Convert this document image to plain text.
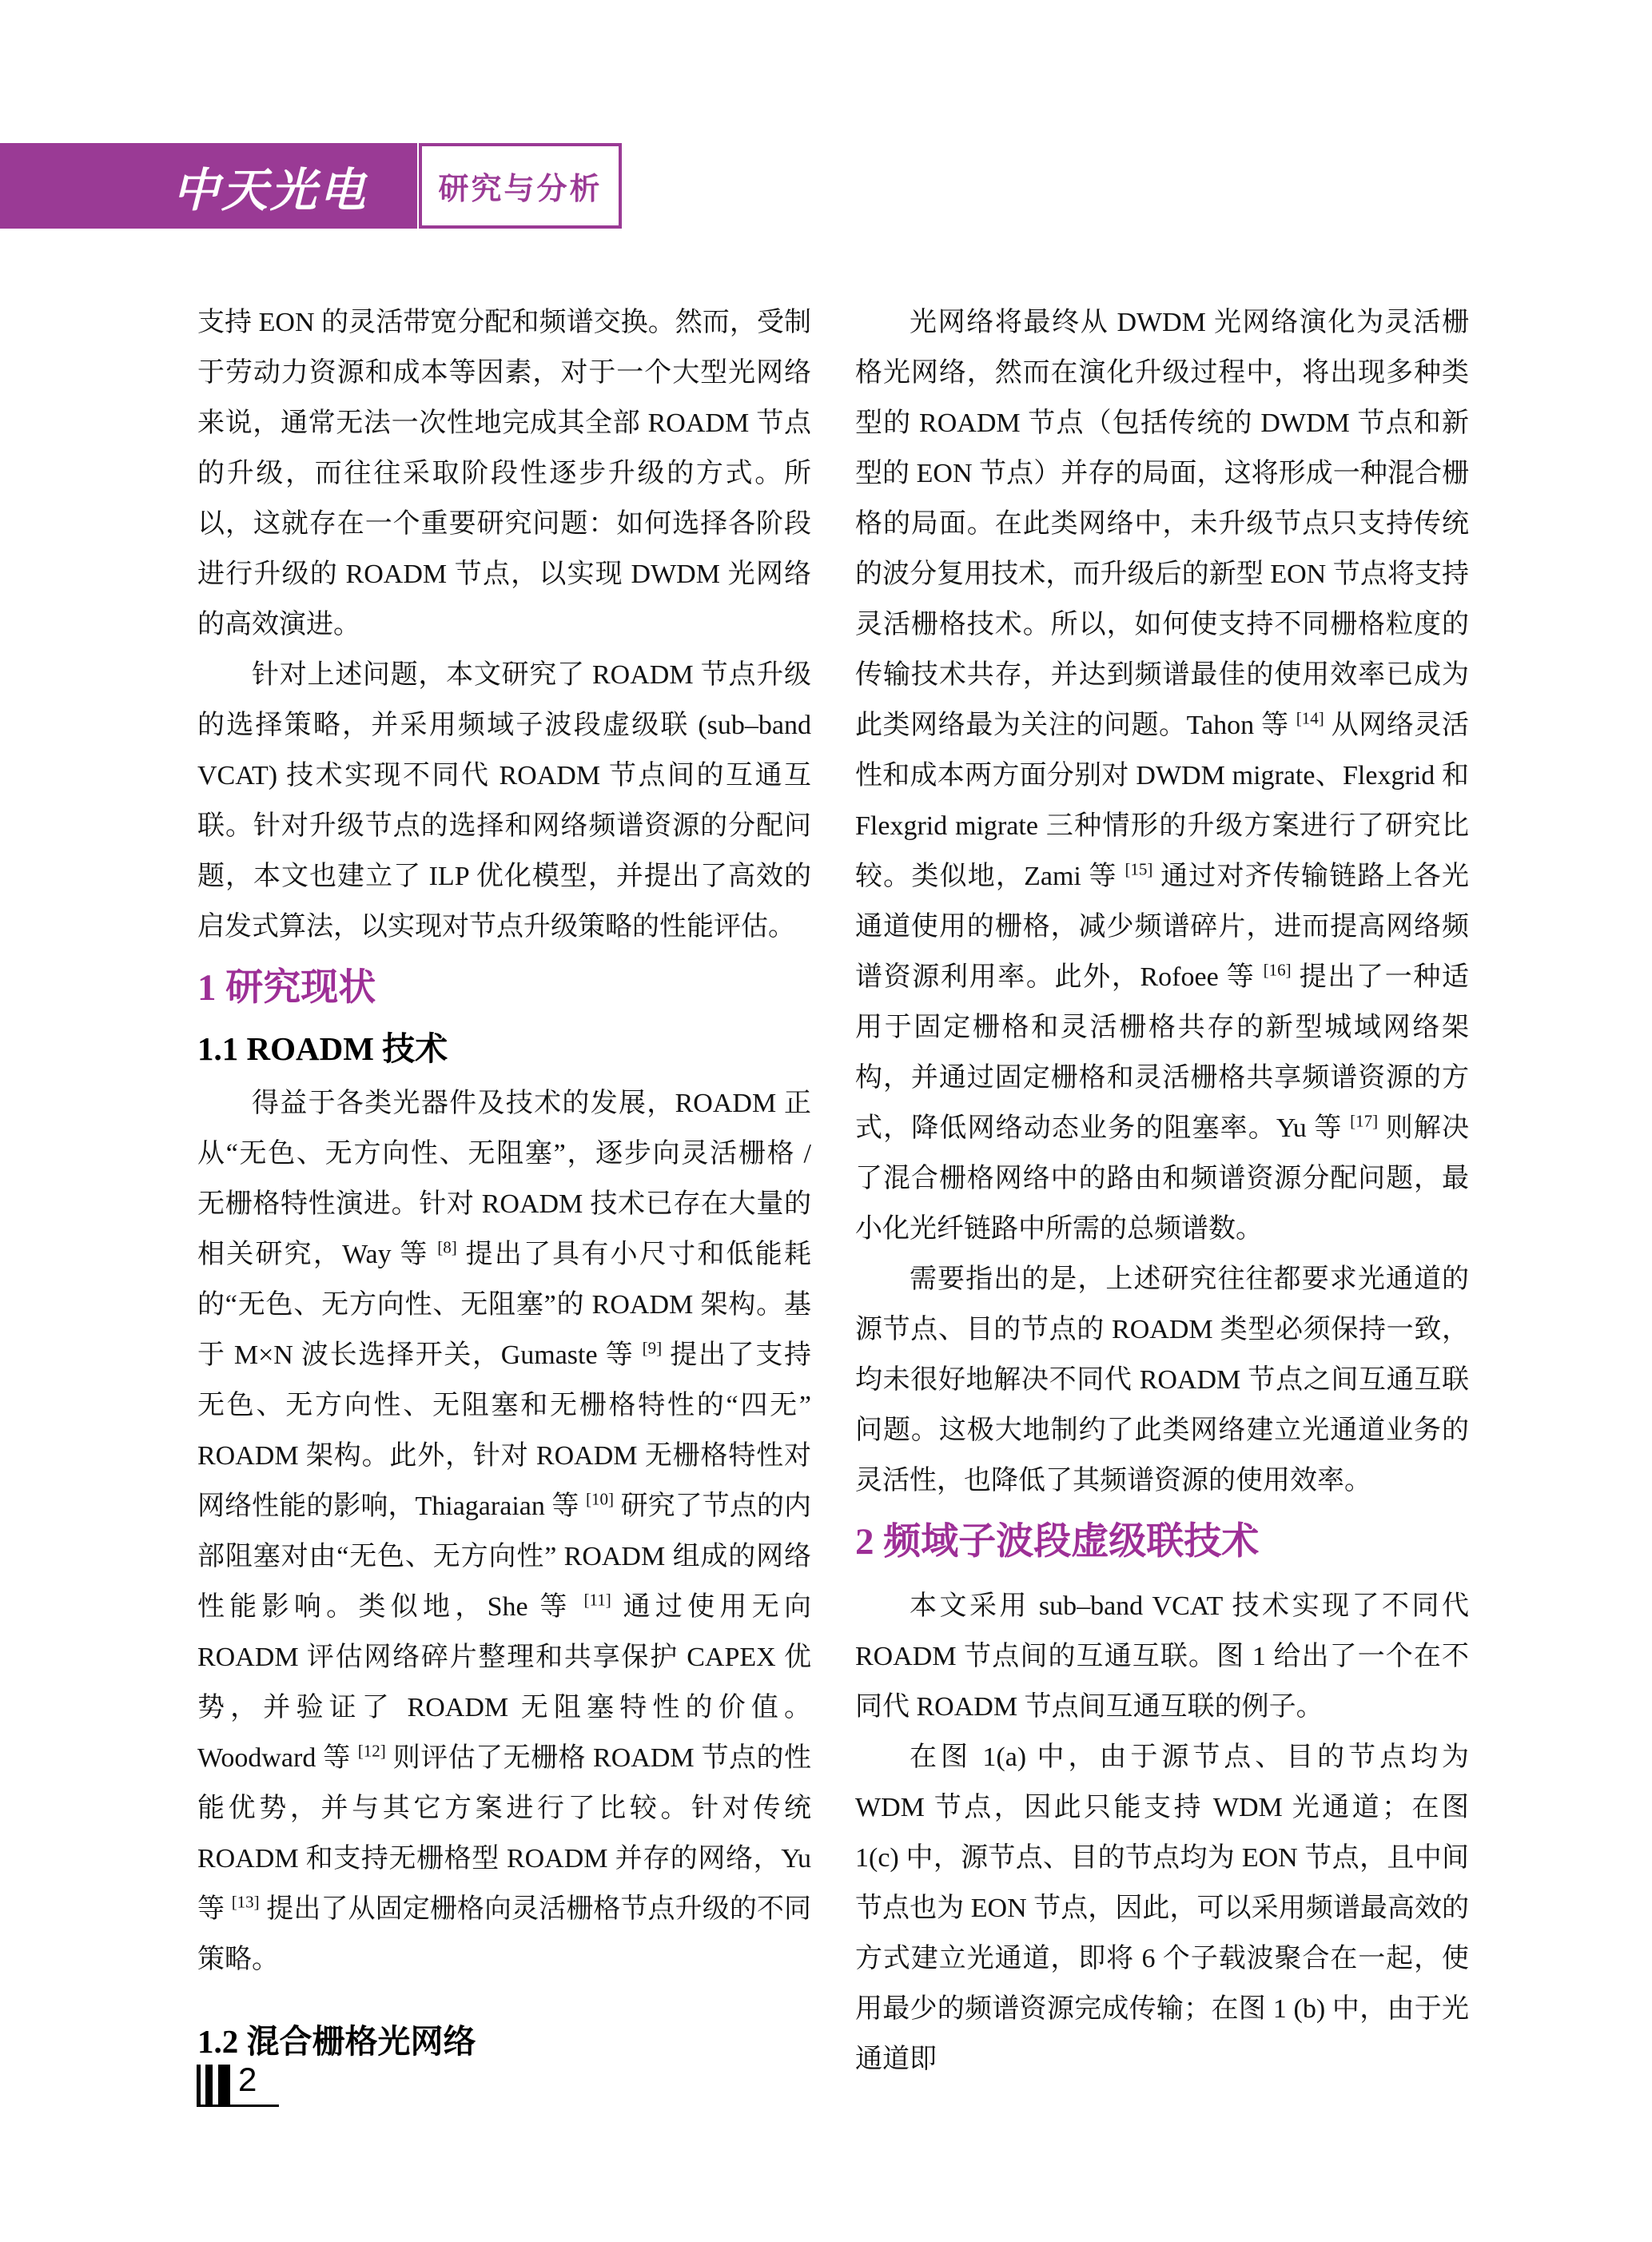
中天光电 研究与分析

支持 EON 的灵活带宽分配和频谱交换。然而，受制于劳动力资源和成本等因素，对于一个大型光网络来说，通常无法一次性地完成其全部 ROADM 节点的升级，而往往采取阶段性逐步升级的方式。所以，这就存在一个重要研究问题：如何选择各阶段进行升级的 ROADM 节点，以实现 DWDM 光网络的高效演进。

针对上述问题，本文研究了 ROADM 节点升级的选择策略，并采用频域子波段虚级联 (sub–band VCAT) 技术实现不同代 ROADM 节点间的互通互联。针对升级节点的选择和网络频谱资源的分配问题，本文也建立了 ILP 优化模型，并提出了高效的启发式算法，以实现对节点升级策略的性能评估。

1 研究现状
1.1 ROADM 技术

得益于各类光器件及技术的发展，ROADM 正从“无色、无方向性、无阻塞”，逐步向灵活栅格 / 无栅格特性演进。针对 ROADM 技术已存在大量的相关研究，Way 等 [8] 提出了具有小尺寸和低能耗的“无色、无方向性、无阻塞”的 ROADM 架构。基于 M×N 波长选择开关，Gumaste 等 [9] 提出了支持无色、无方向性、无阻塞和无栅格特性的“四无” ROADM 架构。此外，针对 ROADM 无栅格特性对网络性能的影响，Thiagaraian 等 [10] 研究了节点的内部阻塞对由“无色、无方向性” ROADM 组成的网络性能影响。类似地，She 等 [11] 通过使用无向 ROADM 评估网络碎片整理和共享保护 CAPEX 优势，并验证了 ROADM 无阻塞特性的价值。Woodward 等 [12] 则评估了无栅格 ROADM 节点的性能优势，并与其它方案进行了比较。针对传统 ROADM 和支持无栅格型 ROADM 并存的网络，Yu 等 [13] 提出了从固定栅格向灵活栅格节点升级的不同策略。

1.2 混合栅格光网络

光网络将最终从 DWDM 光网络演化为灵活栅格光网络，然而在演化升级过程中，将出现多种类型的 ROADM 节点（包括传统的 DWDM 节点和新型的 EON 节点）并存的局面，这将形成一种混合栅格的局面。在此类网络中，未升级节点只支持传统的波分复用技术，而升级后的新型 EON 节点将支持灵活栅格技术。所以，如何使支持不同栅格粒度的传输技术共存，并达到频谱最佳的使用效率已成为此类网络最为关注的问题。Tahon 等 [14] 从网络灵活性和成本两方面分别对 DWDM migrate、Flexgrid 和 Flexgrid migrate 三种情形的升级方案进行了研究比较。类似地，Zami 等 [15] 通过对齐传输链路上各光通道使用的栅格，减少频谱碎片，进而提高网络频谱资源利用率。此外，Rofoee 等 [16] 提出了一种适用于固定栅格和灵活栅格共存的新型城域网络架构，并通过固定栅格和灵活栅格共享频谱资源的方式，降低网络动态业务的阻塞率。Yu 等 [17] 则解决了混合栅格网络中的路由和频谱资源分配问题，最小化光纤链路中所需的总频谱数。

需要指出的是，上述研究往往都要求光通道的源节点、目的节点的 ROADM 类型必须保持一致，均未很好地解决不同代 ROADM 节点之间互通互联问题。这极大地制约了此类网络建立光通道业务的灵活性，也降低了其频谱资源的使用效率。

2 频域子波段虚级联技术

本文采用 sub–band VCAT 技术实现了不同代 ROADM 节点间的互通互联。图 1 给出了一个在不同代 ROADM 节点间互通互联的例子。

在图 1(a) 中，由于源节点、目的节点均为 WDM 节点，因此只能支持 WDM 光通道；在图 1(c) 中，源节点、目的节点均为 EON 节点，且中间节点也为 EON 节点，因此，可以采用频谱最高效的方式建立光通道，即将 6 个子载波聚合在一起，使用最少的频谱资源完成传输；在图 1 (b) 中，由于光通道即

2
